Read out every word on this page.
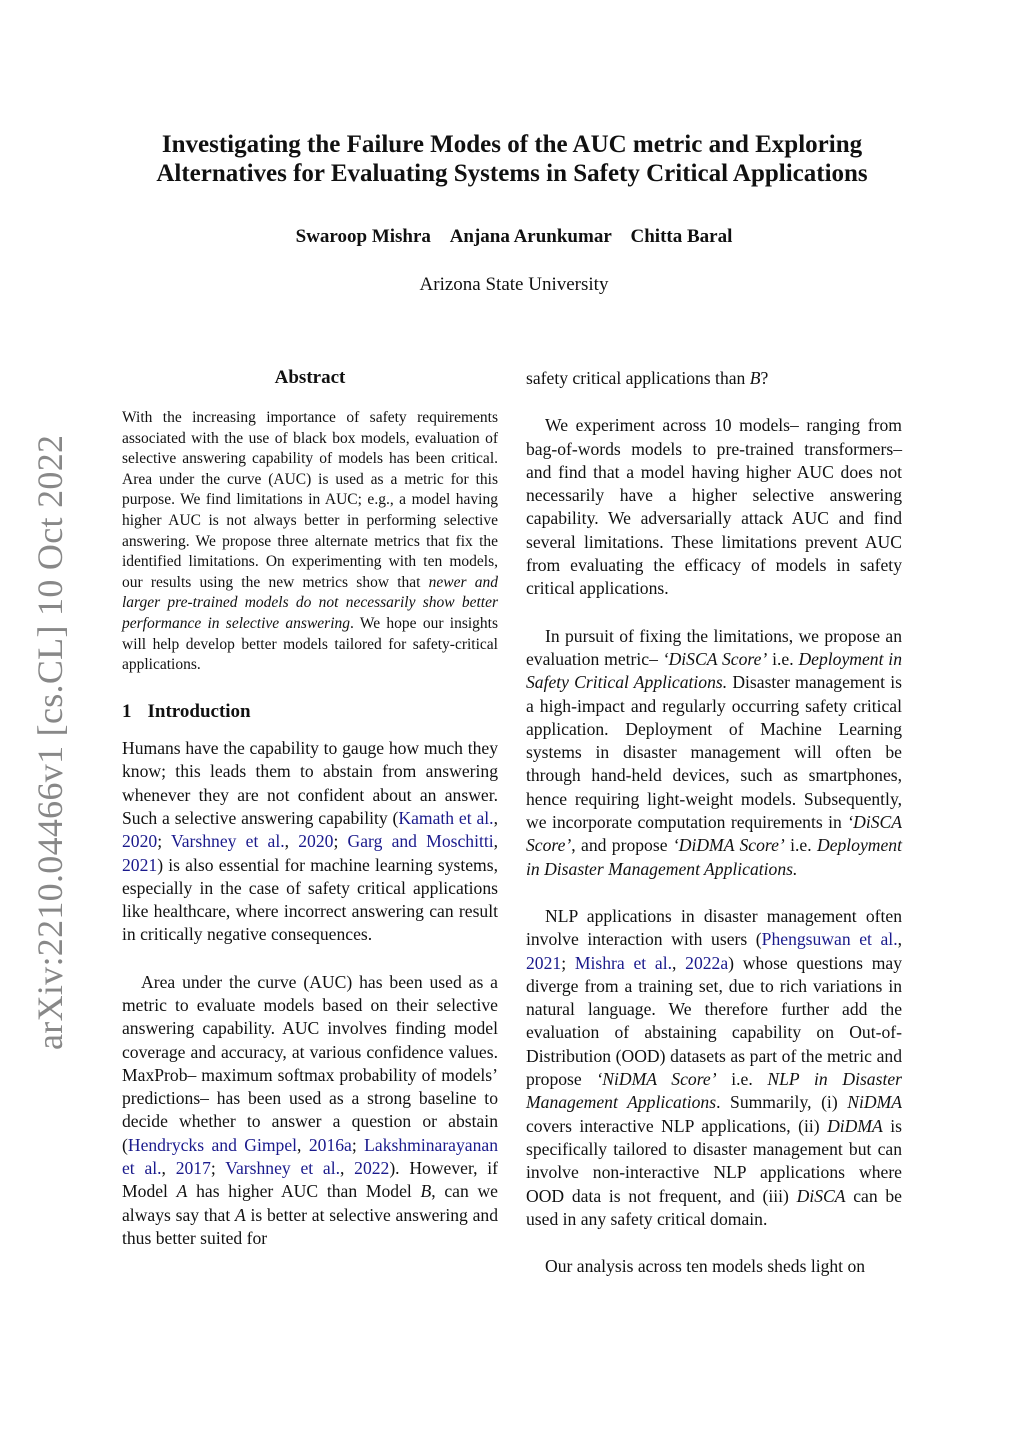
arXiv:2210.04466v1 [cs.CL] 10 Oct 2022
Investigating the Failure Modes of the AUC metric and Exploring
Alternatives for Evaluating Systems in Safety Critical Applications
Swaroop Mishra Anjana Arunkumar Chitta Baral
Arizona State University
Abstract

With the increasing importance of safety requirements associated with the use of black box models, evaluation of selective answering capability of models has been critical. Area under the curve (AUC) is used as a metric for this purpose. We find limitations in AUC; e.g., a model having higher AUC is not always better in performing selective answering. We propose three alternate metrics that fix the identified limitations. On experimenting with ten models, our results using the new metrics show that newer and larger pre-trained models do not necessarily show better performance in selective answering. We hope our insights will help develop better models tailored for safety-critical applications.

1 Introduction

Humans have the capability to gauge how much they know; this leads them to abstain from answering whenever they are not confident about an answer. Such a selective answering capability (Kamath et al., 2020; Varshney et al., 2020; Garg and Moschitti, 2021) is also essential for machine learning systems, especially in the case of safety critical applications like healthcare, where incorrect answering can result in critically negative consequences.

Area under the curve (AUC) has been used as a metric to evaluate models based on their selective answering capability. AUC involves finding model coverage and accuracy, at various confidence values. MaxProb– maximum softmax probability of models’ predictions– has been used as a strong baseline to decide whether to answer a question or abstain (Hendrycks and Gimpel, 2016a; Lakshminarayanan et al., 2017; Varshney et al., 2022). However, if Model A has higher AUC than Model B, can we always say that A is better at selective answering and thus better suited for

safety critical applications than B?

We experiment across 10 models– ranging from bag-of-words models to pre-trained transformers– and find that a model having higher AUC does not necessarily have a higher selective answering capability. We adversarially attack AUC and find several limitations. These limitations prevent AUC from evaluating the efficacy of models in safety critical applications.

In pursuit of fixing the limitations, we propose an evaluation metric– ‘DiSCA Score’ i.e. Deployment in Safety Critical Applications. Disaster management is a high-impact and regularly occurring safety critical application. Deployment of Machine Learning systems in disaster management will often be through hand-held devices, such as smartphones, hence requiring light-weight models. Subsequently, we incorporate computation requirements in ‘DiSCA Score’, and propose ‘DiDMA Score’ i.e. Deployment in Disaster Management Applications.

NLP applications in disaster management often involve interaction with users (Phengsuwan et al., 2021; Mishra et al., 2022a) whose questions may diverge from a training set, due to rich variations in natural language. We therefore further add the evaluation of abstaining capability on Out-of-Distribution (OOD) datasets as part of the metric and propose ‘NiDMA Score’ i.e. NLP in Disaster Management Applications. Summarily, (i) NiDMA covers interactive NLP applications, (ii) DiDMA is specifically tailored to disaster management but can involve non-interactive NLP applications where OOD data is not frequent, and (iii) DiSCA can be used in any safety critical domain.

Our analysis across ten models sheds light on
